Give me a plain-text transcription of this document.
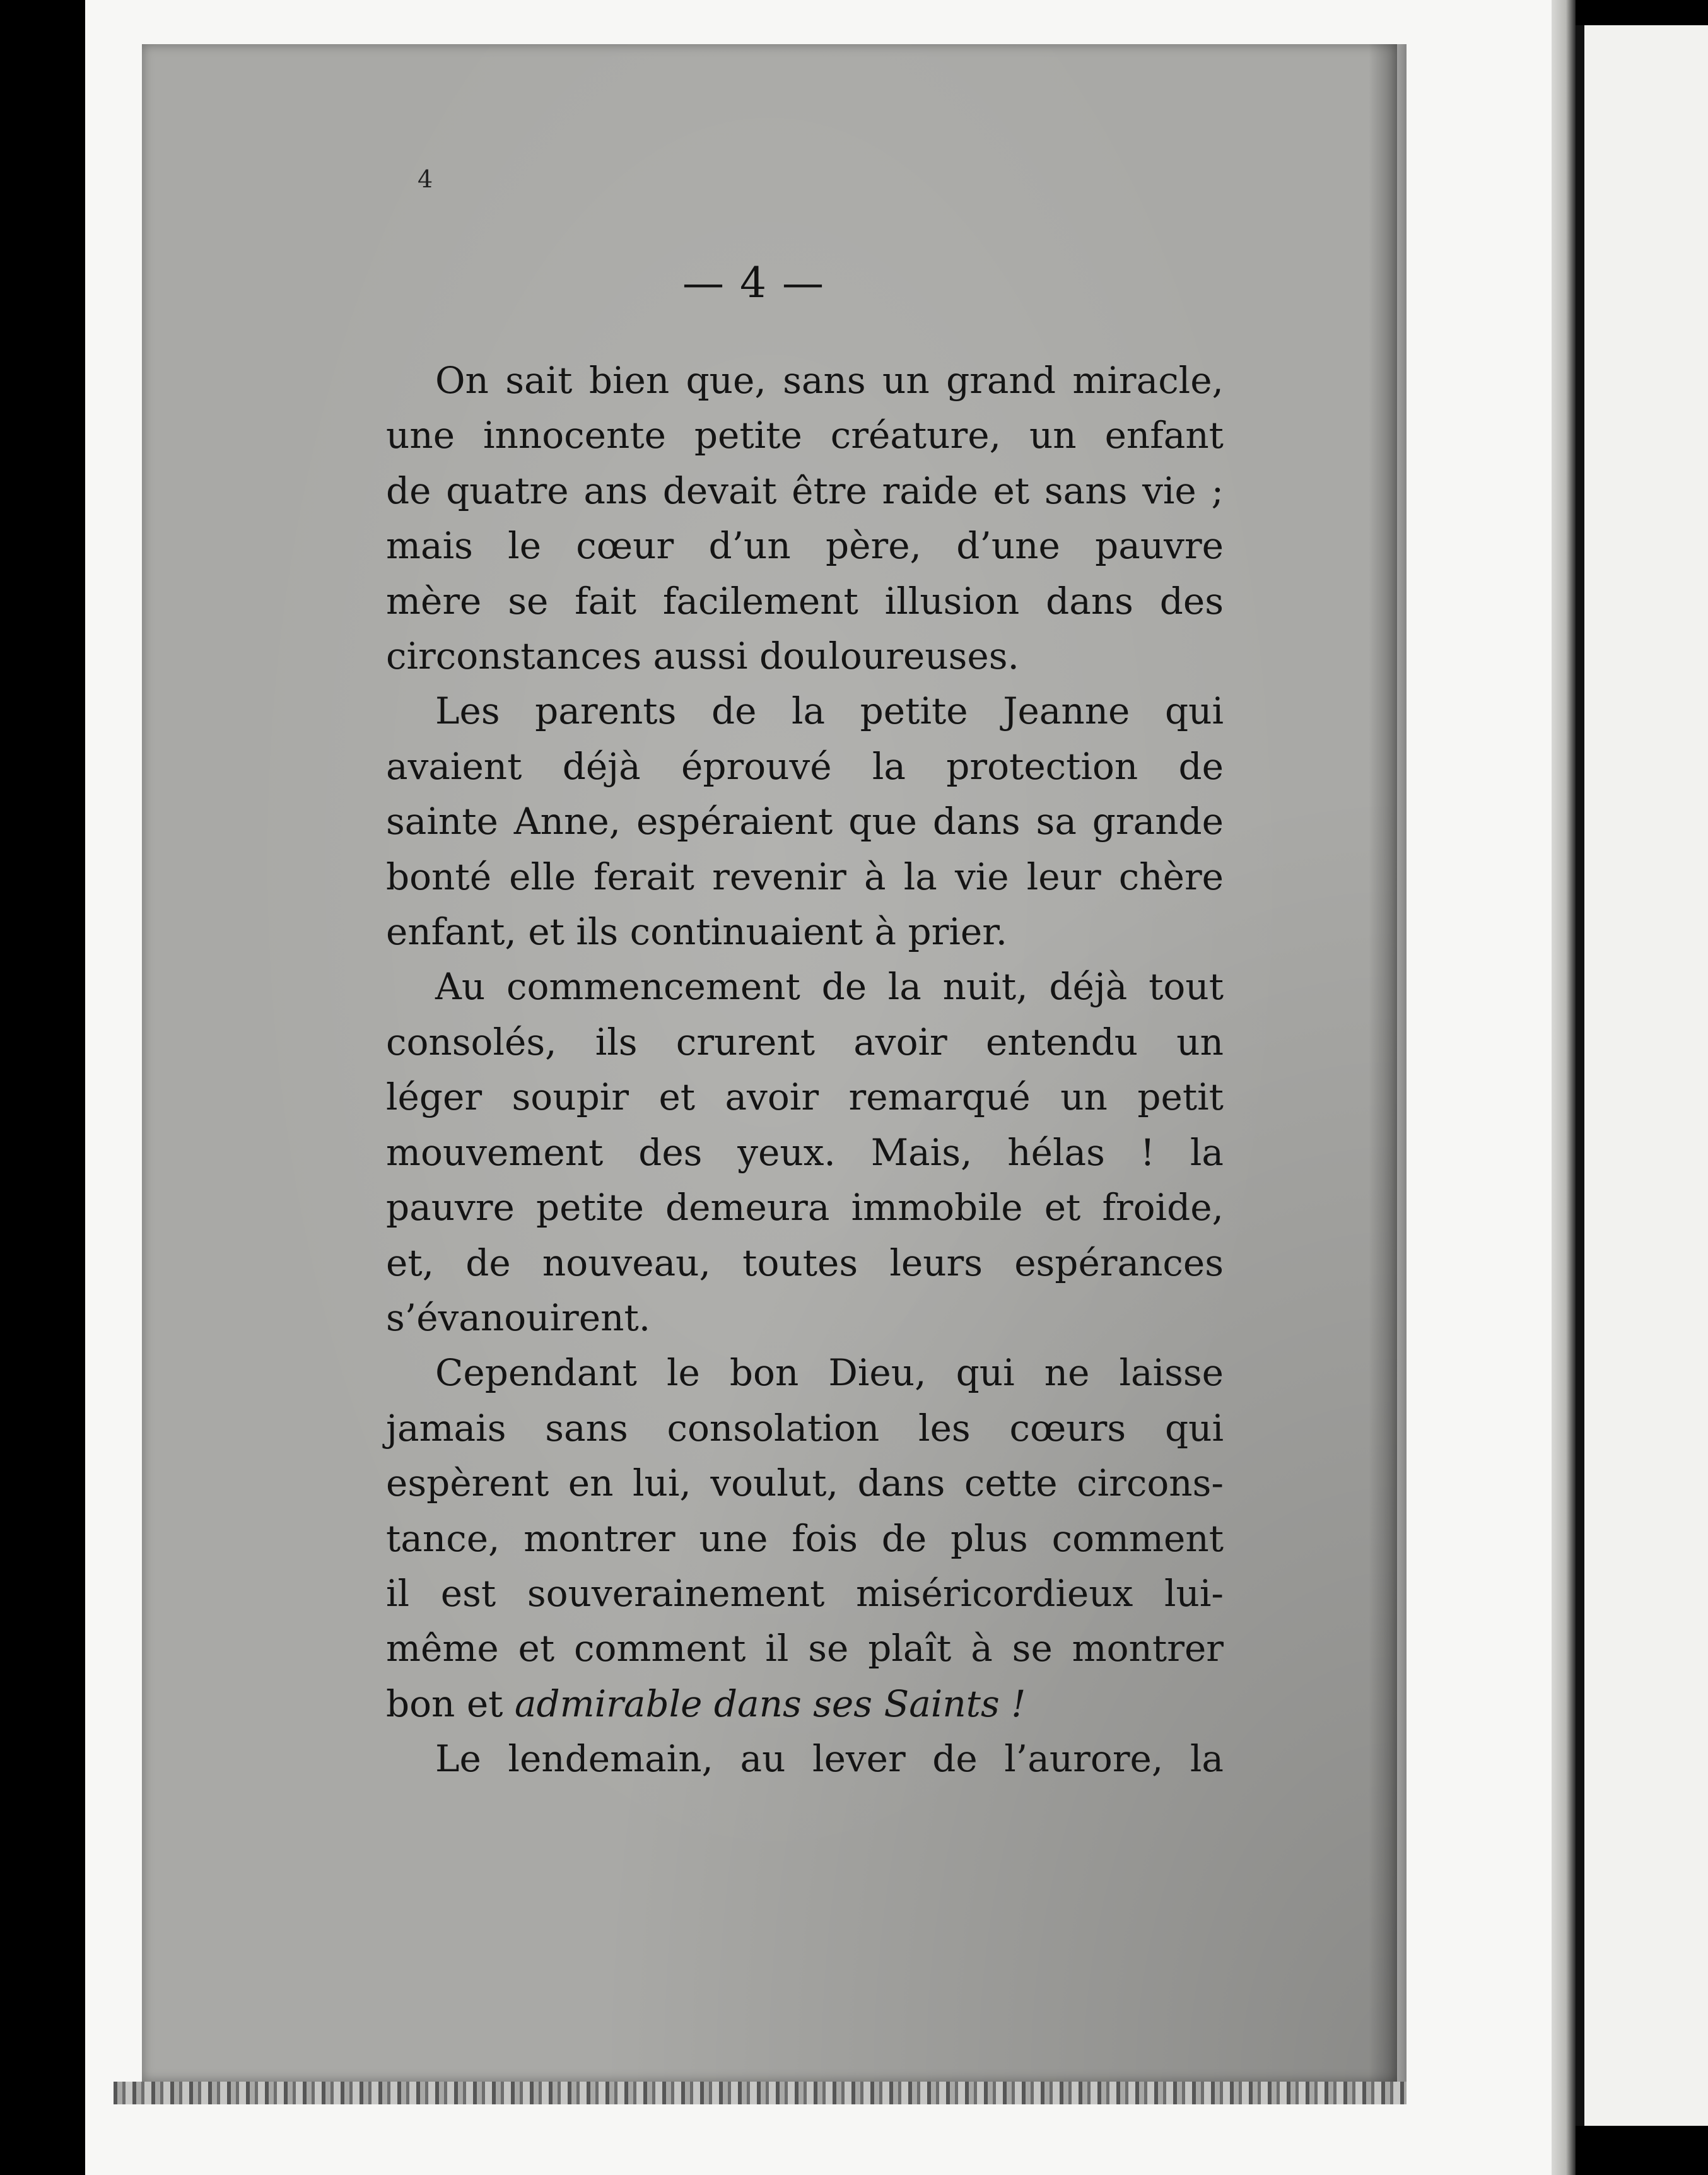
4
— 4 —

On sait bien que, sans un grand miracle,
une innocente petite créature, un enfant
de quatre ans devait être raide et sans vie ;
mais le cœur d’un père, d’une pauvre
mère se fait facilement illusion dans des
circonstances aussi douloureuses.

Les parents de la petite Jeanne qui
avaient déjà éprouvé la protection de
sainte Anne, espéraient que dans sa grande
bonté elle ferait revenir à la vie leur chère
enfant, et ils continuaient à prier.

Au commencement de la nuit, déjà tout
consolés, ils crurent avoir entendu un
léger soupir et avoir remarqué un petit
mouvement des yeux. Mais, hélas ! la
pauvre petite demeura immobile et froide,
et, de nouveau, toutes leurs espérances
s’évanouirent.

Cependant le bon Dieu, qui ne laisse
jamais sans consolation les cœurs qui
espèrent en lui, voulut, dans cette circons-
tance, montrer une fois de plus comment
il est souverainement miséricordieux lui-
même et comment il se plaît à se montrer
bon et admirable dans ses Saints !

Le lendemain, au lever de l’aurore, la
